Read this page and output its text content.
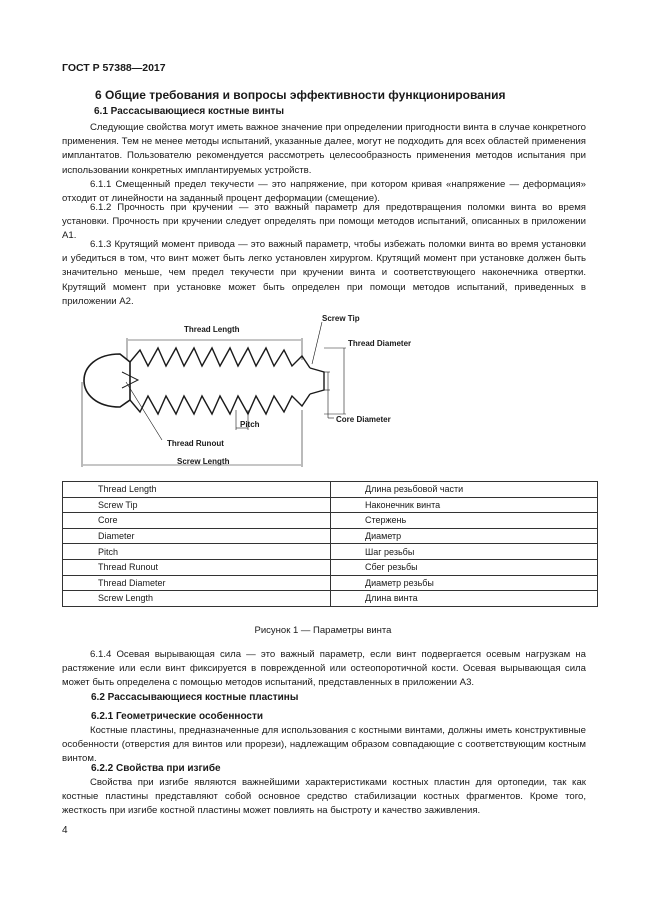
ГОСТ Р 57388—2017
6 Общие требования и вопросы эффективности функционирования
6.1 Рассасывающиеся костные винты

Следующие свойства могут иметь важное значение при определении пригодности винта в случае конкретного применения. Тем не менее методы испытаний, указанные далее, могут не подходить для всех областей применения имплантатов. Пользователю рекомендуется рассмотреть целесообразность применения методов испытания при использовании конкретных имплантируемых устройств.

6.1.1 Смещенный предел текучести — это напряжение, при котором кривая «напряжение — деформация» отходит от линейности на заданный процент деформации (смещение).

6.1.2 Прочность при кручении — это важный параметр для предотвращения поломки винта во время установки. Прочность при кручении следует определять при помощи методов испытаний, описанных в приложении А1.

6.1.3 Крутящий момент привода — это важный параметр, чтобы избежать поломки винта во время установки и убедиться в том, что винт может быть легко установлен хирургом. Крутящий момент при установке должен быть значительно меньше, чем предел текучести при кручении винта и соответствующего наконечника отвертки. Крутящий момент при установке может быть определен при помощи методов испытаний, приведенных в приложении А2.

Thread Length
Screw Tip
Thread Diameter
Core Diameter
Pitch
Thread Runout
Screw Length
Thread Length	Длина резьбовой части
Screw Tip	Наконечник винта
Core	Стержень
Diameter	Диаметр
Pitch	Шаг резьбы
Thread Runout	Сбег резьбы
Thread Diameter	Диаметр резьбы
Screw Length	Длина винта
Рисунок 1 — Параметры винта

6.1.4 Осевая вырывающая сила — это важный параметр, если винт подвергается осевым нагрузкам на растяжение или если винт фиксируется в поврежденной или остеопоротичной кости. Осевая вырывающая сила может быть определена с помощью методов испытаний, представленных в приложении А3.

6.2 Рассасывающиеся костные пластины
6.2.1 Геометрические особенности

Костные пластины, предназначенные для использования с костными винтами, должны иметь конструктивные особенности (отверстия для винтов или прорези), надлежащим образом совпадающие с соответствующим костным винтом.

6.2.2 Свойства при изгибе

Свойства при изгибе являются важнейшими характеристиками костных пластин для ортопедии, так как костные пластины представляют собой основное средство стабилизации костных фрагментов. Кроме того, жесткость при изгибе костной пластины может повлиять на быстроту и качество заживления.

4
